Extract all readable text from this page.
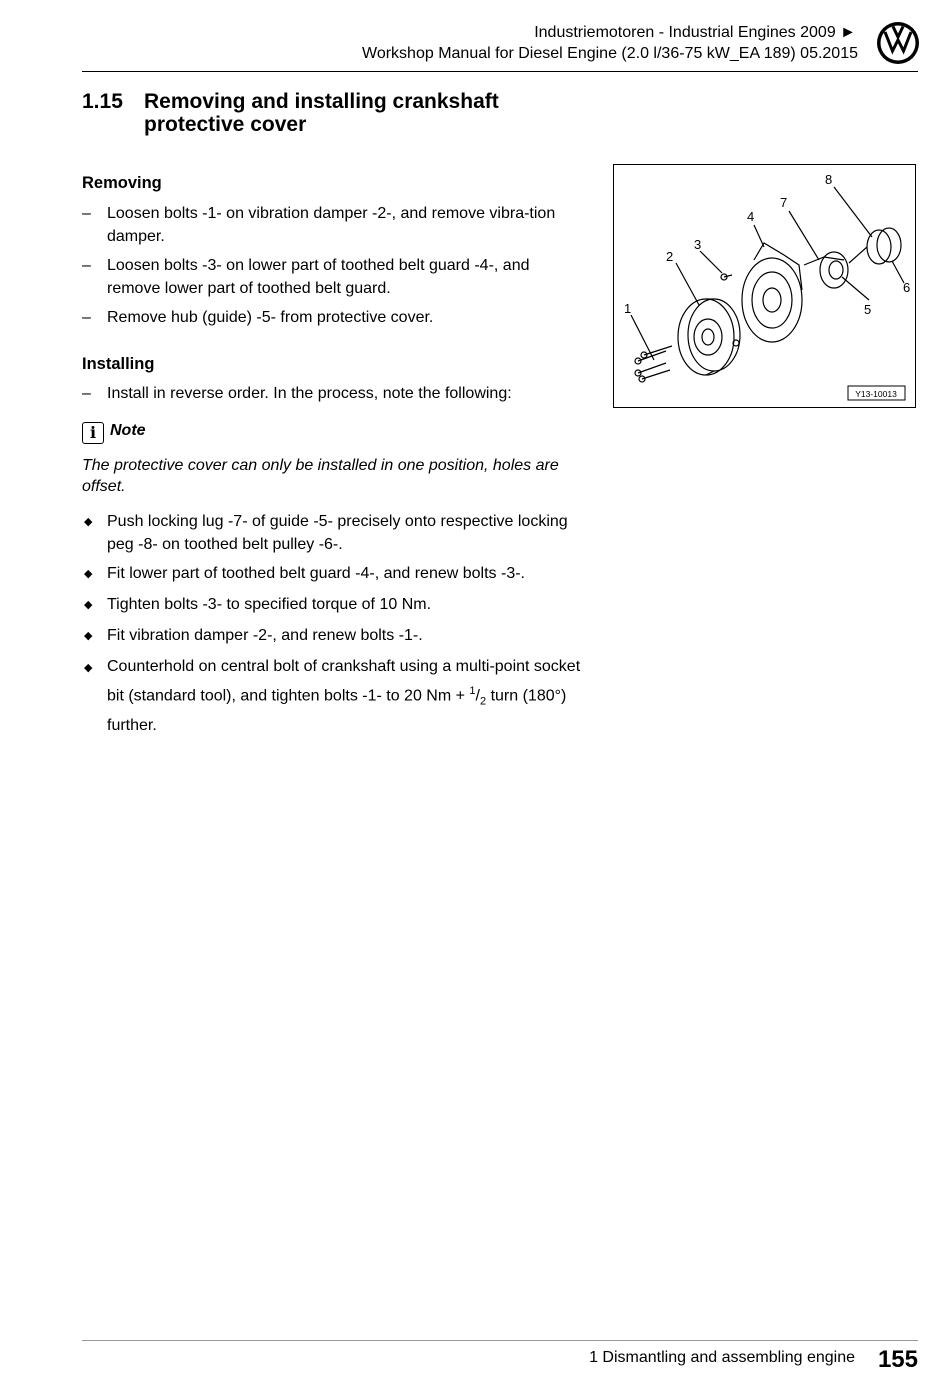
Industriemotoren - Industrial Engines 2009 ►
Workshop Manual for Diesel Engine (2.0 l/36-75 kW_EA 189) 05.2015
1.15 Removing and installing crankshaft protective cover
Removing
–	Loosen bolts -1- on vibration damper -2-, and remove vibra-tion damper.
–	Loosen bolts -3- on lower part of toothed belt guard -4-, and remove lower part of toothed belt guard.
–	Remove hub (guide) -5- from protective cover.
Installing
–	Install in reverse order. In the process, note the following:
i Note
The protective cover can only be installed in one position, holes are offset.
◆ Push locking lug -7- of guide -5- precisely onto respective locking peg -8- on toothed belt pulley -6-.
◆ Fit lower part of toothed belt guard -4-, and renew bolts -3-.
◆ Tighten bolts -3- to specified torque of 10 Nm.
◆ Fit vibration damper -2-, and renew bolts -1-.
◆ Counterhold on central bolt of crankshaft using a multi-point socket bit (standard tool), and tighten bolts -1- to 20 $Nm + ^1/_2$ turn (180°) further.
1
2
3
4
5
6
7
8
Y13-10013
1 Dismantling and assembling engine 155
